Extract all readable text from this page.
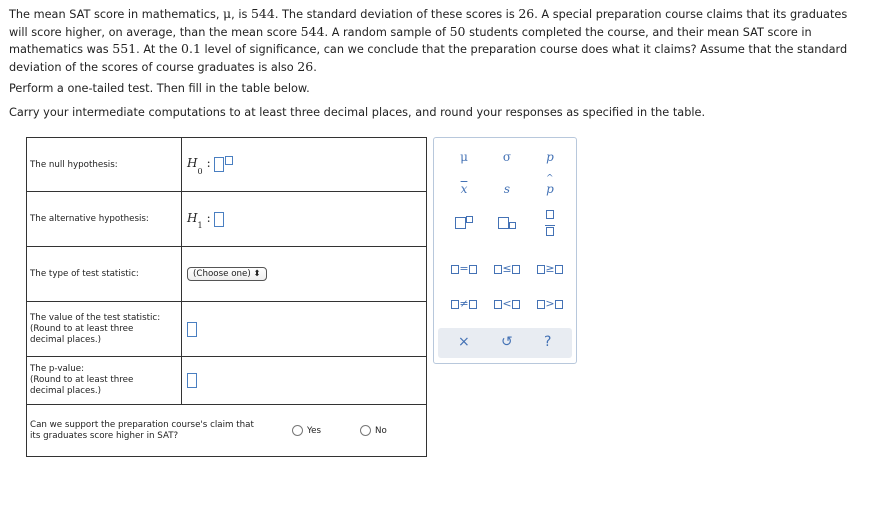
The mean SAT score in mathematics, μ, is 544. The standard deviation of these scores is 26. A special preparation course claims that its graduates will score higher, on average, than the mean score 544. A random sample of 50 students completed the course, and their mean SAT score in mathematics was 551. At the 0.1 level of significance, can we conclude that the preparation course does what it claims? Assume that the standard deviation of the scores of course graduates is also 26.
Perform a one-tailed test. Then fill in the table below.
Carry your intermediate computations to at least three decimal places, and round your responses as specified in the table.
The null hypothesis:	$H_0$:
The alternative hypothesis:	$H_1$:
The type of test statistic:	(Choose one) ⬍

The value of the test statistic:
(Round to at least three
decimal places.)	

The p-value:
(Round to at least three
decimal places.)	

Can we support the preparation course's claim that
its graduates score higher in SAT? Yes No	
μ	σ	p
$\overline{x}$	s
^
p

=	≤	≥
≠	<	>
× ↺ ?
